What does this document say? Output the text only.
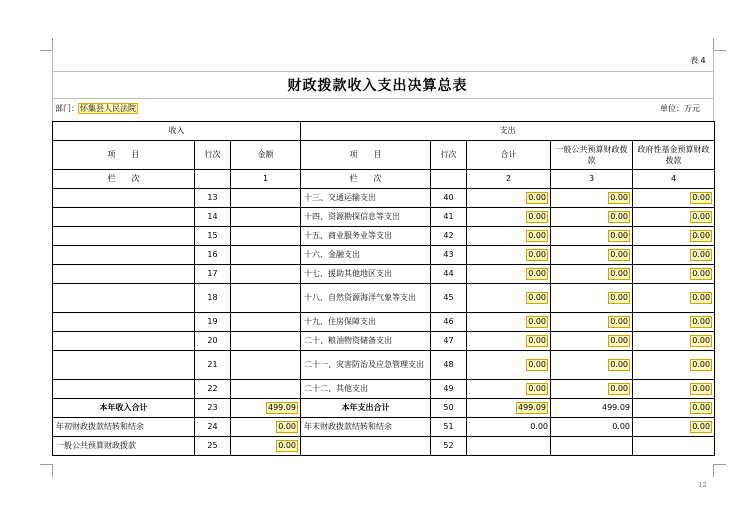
表 4
财政拨款收入支出决算总表
部门：怀集县人民法院	单位：万元
收入			支出				
项　　目	行次	金额	项　　目	行次	合计	一般公共预算财政拨款	政府性基金预算财政拨款
栏　　次		1	栏　　次		2	3	4
	13		十三、交通运输支出	40	0.00	0.00	0.00
	14		十四、资源勘探信息等支出	41	0.00	0.00	0.00
	15		十五、商业服务业等支出	42	0.00	0.00	0.00
	16		十六、金融支出	43	0.00	0.00	0.00
	17		十七、援助其他地区支出	44	0.00	0.00	0.00
	18		十八、自然资源海洋气象等支出	45	0.00	0.00	0.00
	19		十九、住房保障支出	46	0.00	0.00	0.00
	20		二十、粮油物资储备支出	47	0.00	0.00	0.00
	21		二十一、灾害防治及应急管理支出	48	0.00	0.00	0.00
	22		二十二、其他支出	49	0.00	0.00	0.00
本年收入合计	23	499.09	本年支出合计	50	499.09	499.09	0.00
年初财政拨款结转和结余	24	0.00	年末财政拨款结转和结余	51	0.00	0.00	0.00
一般公共预算财政拨款	25	0.00		52			
12
